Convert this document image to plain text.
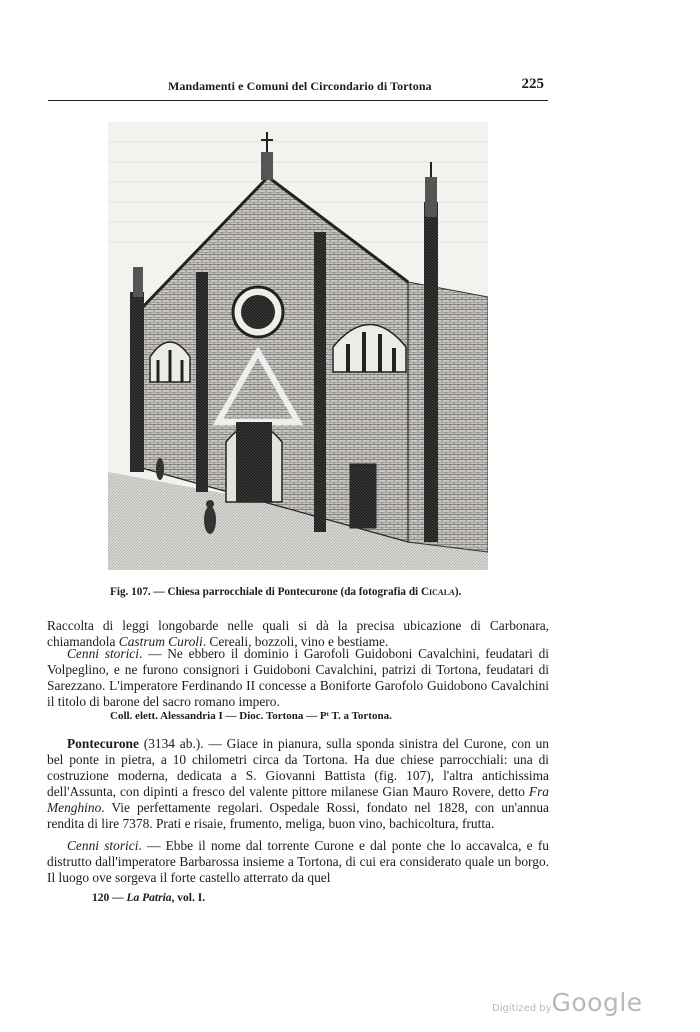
Mandamenti e Comuni del Circondario di Tortona	225
Fig. 107. — Chiesa parrocchiale di Pontecurone (da fotografia di Cicala).
Raccolta di leggi longobarde nelle quali si dà la precisa ubicazione di Carbonara, chiamandola Castrum Curoli. Cereali, bozzoli, vino e bestiame.
Cenni storici. — Ne ebbero il dominio i Garofoli Guidoboni Cavalchini, feudatari di Volpeglino, e ne furono consignori i Guidoboni Cavalchini, patrizi di Tortona, feudatari di Sarezzano. L'imperatore Ferdinando II concesse a Boniforte Garofolo Guidobono Cavalchini il titolo di barone del sacro romano impero.
Coll. elett. Alessandria I — Dioc. Tortona — Pᵗ T. a Tortona.
Pontecurone (3134 ab.). — Giace in pianura, sulla sponda sinistra del Curone, con un bel ponte in pietra, a 10 chilometri circa da Tortona. Ha due chiese parrocchiali: una di costruzione moderna, dedicata a S. Giovanni Battista (fig. 107), l'altra antichissima dell'Assunta, con dipinti a fresco del valente pittore milanese Gian Mauro Rovere, detto Fra Menghino. Vie perfettamente regolari. Ospedale Rossi, fondato nel 1828, con un'annua rendita di lire 7378. Prati e risaie, frumento, meliga, buon vino, bachicoltura, frutta.
Cenni storici. — Ebbe il nome dal torrente Curone e dal ponte che lo accavalca, e fu distrutto dall'imperatore Barbarossa insieme a Tortona, di cui era considerato quale un borgo. Il luogo ove sorgeva il forte castello atterrato da quel
120 — La Patria, vol. I.
Digitized byGoogle
